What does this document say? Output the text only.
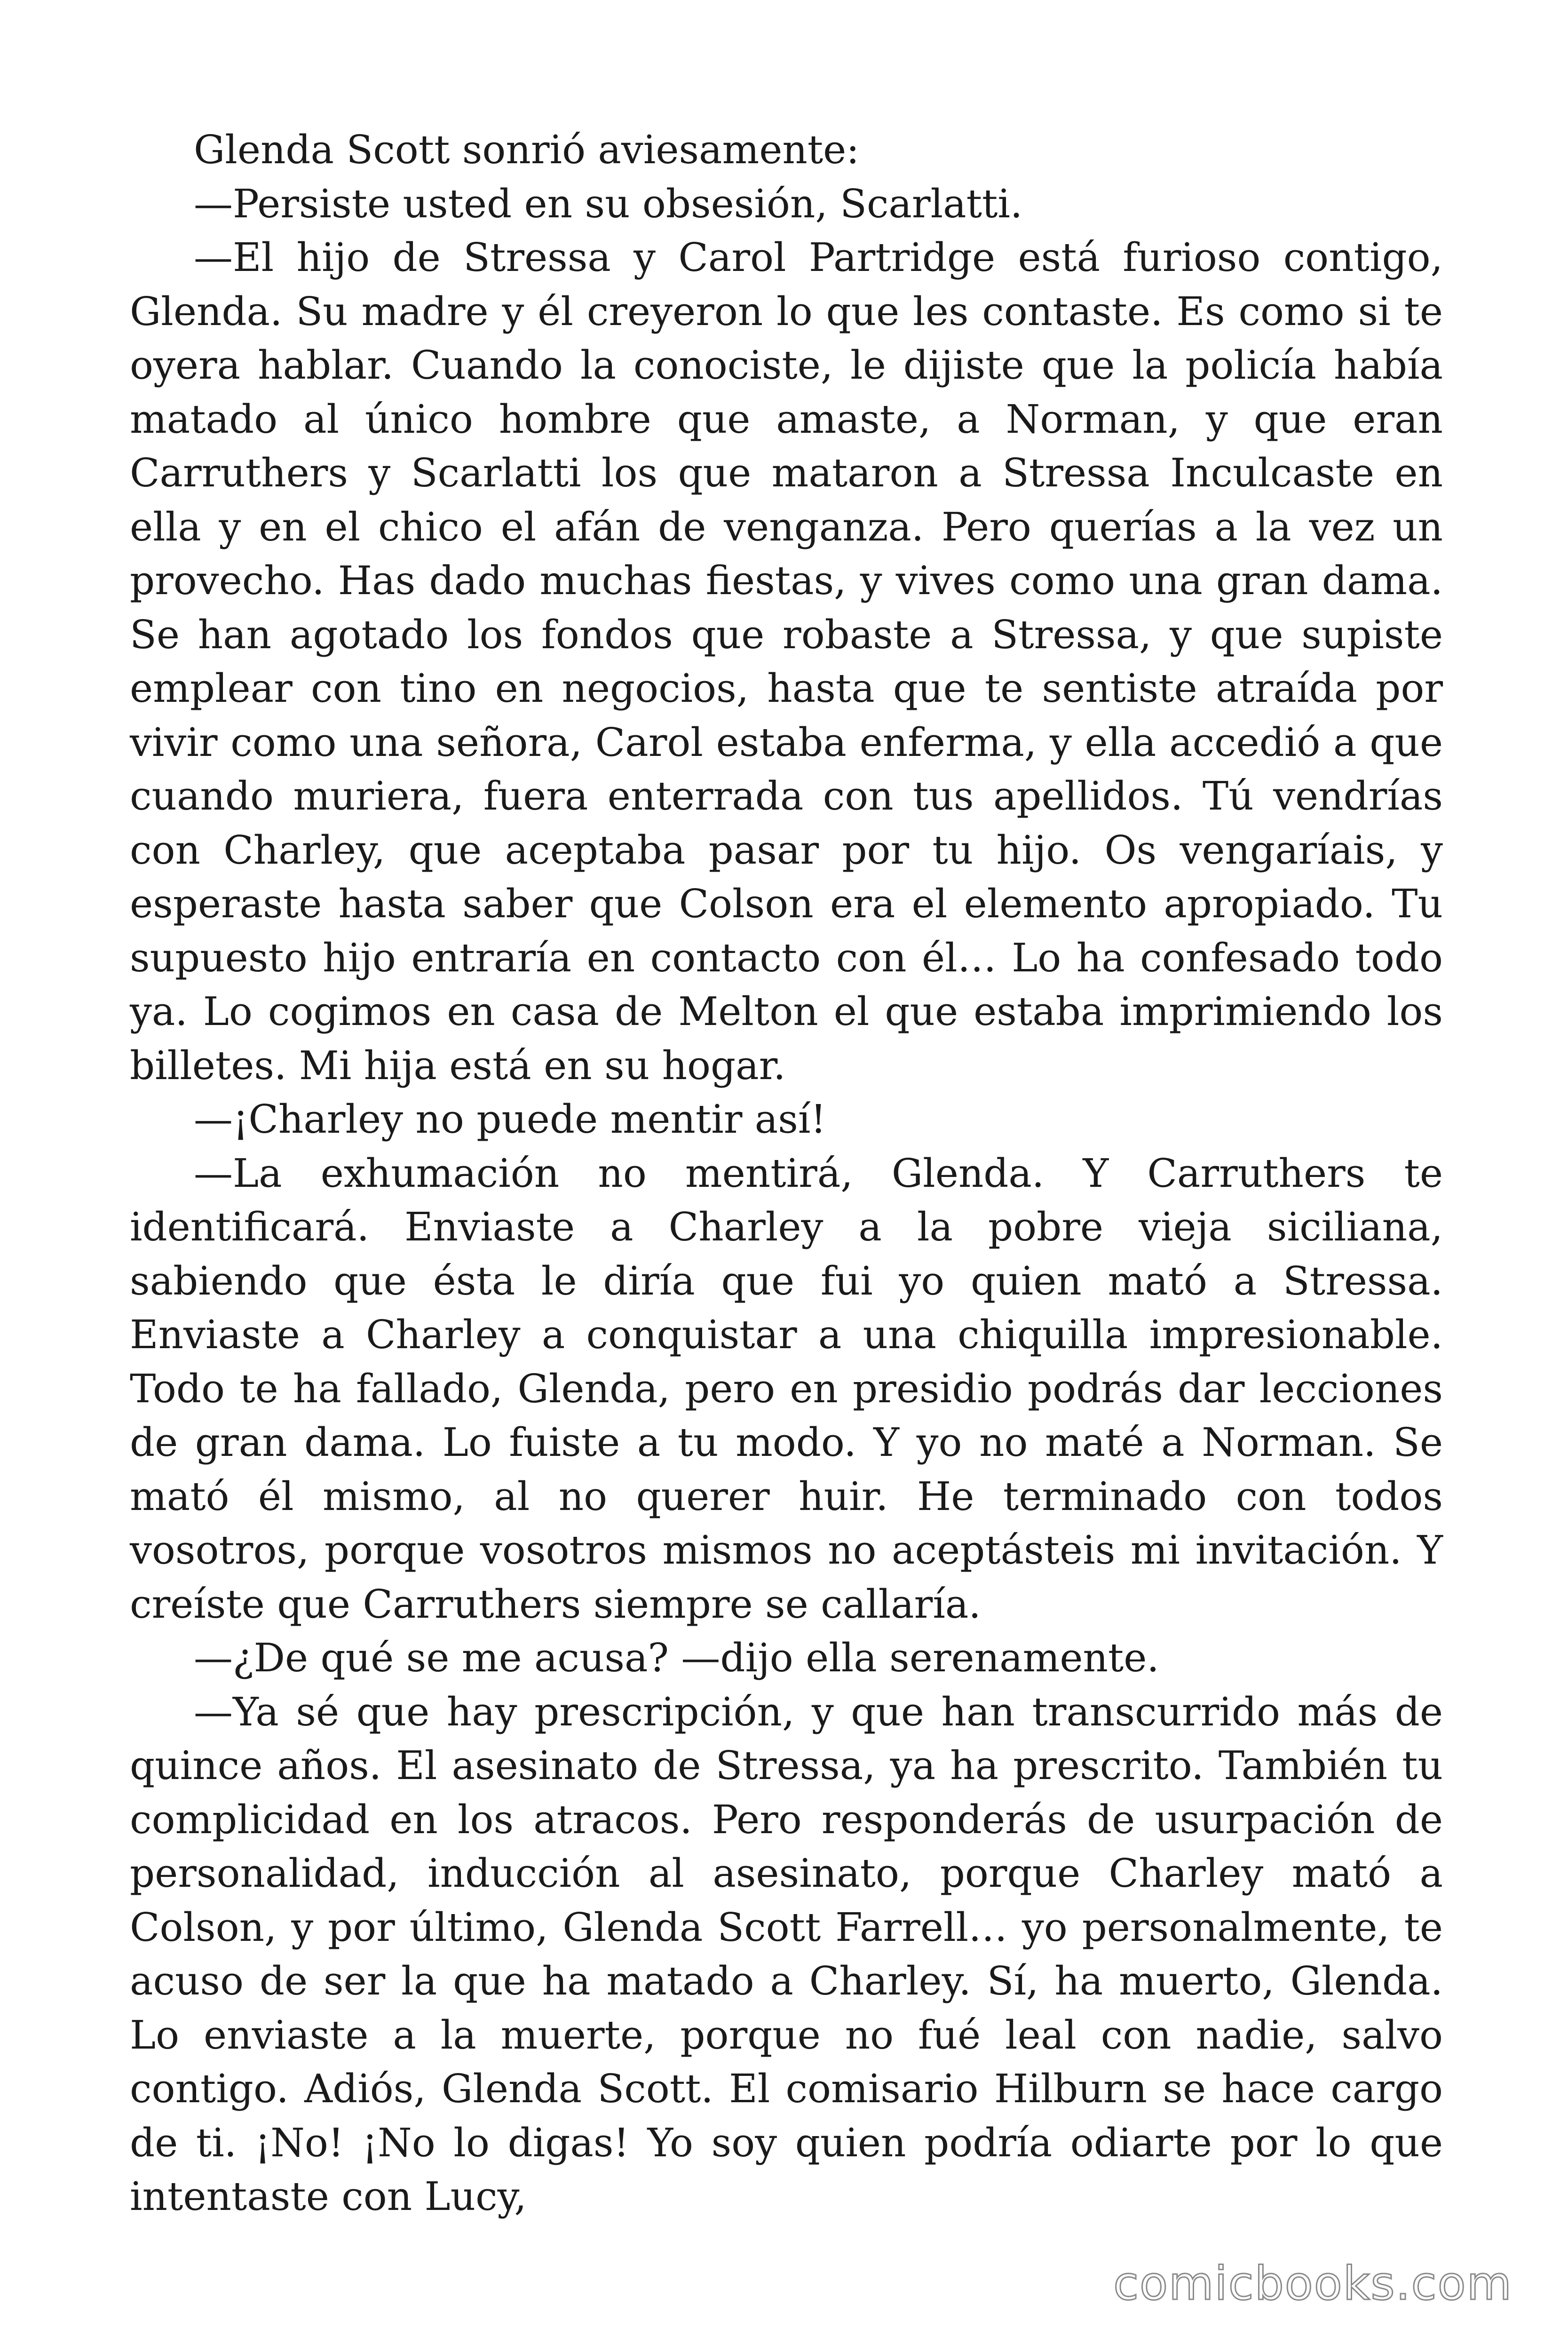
Glenda Scott sonrió aviesamente:

—Persiste usted en su obsesión, Scarlatti.

—El hijo de Stressa y Carol Partridge está furioso contigo, Glenda. Su madre y él creyeron lo que les contaste. Es como si te oyera hablar. Cuando la conociste, le dijiste que la policía había matado al único hombre que amaste, a Norman, y que eran Carruthers y Scarlatti los que mataron a Stressa Inculcaste en ella y en el chico el afán de venganza. Pero querías a la vez un provecho. Has dado muchas fiestas, y vives como una gran dama. Se han agotado los fondos que robaste a Stressa, y que supiste emplear con tino en negocios, hasta que te sentiste atraída por vivir como una señora, Carol estaba enferma, y ella accedió a que cuando muriera, fuera enterrada con tus apellidos. Tú vendrías con Charley, que aceptaba pasar por tu hijo. Os vengaríais, y esperaste hasta saber que Colson era el elemento apropiado. Tu supuesto hijo entraría en contacto con él… Lo ha confesado todo ya. Lo cogimos en casa de Melton el que estaba imprimiendo los billetes. Mi hija está en su hogar.

—¡Charley no puede mentir así!

—La exhumación no mentirá, Glenda. Y Carruthers te identificará. Enviaste a Charley a la pobre vieja siciliana, sabiendo que ésta le diría que fui yo quien mató a Stressa. Enviaste a Charley a conquistar a una chiquilla impresionable. Todo te ha fallado, Glenda, pero en presidio podrás dar lecciones de gran dama. Lo fuiste a tu modo. Y yo no maté a Norman. Se mató él mismo, al no querer huir. He terminado con todos vosotros, porque vosotros mismos no aceptásteis mi invitación. Y creíste que Carruthers siempre se callaría.

—¿De qué se me acusa? —dijo ella serenamente.

—Ya sé que hay prescripción, y que han transcurrido más de quince años. El asesinato de Stressa, ya ha prescrito. También tu complicidad en los atracos. Pero responderás de usurpación de personalidad, inducción al asesinato, porque Charley mató a Colson, y por último, Glenda Scott Farrell… yo personalmente, te acuso de ser la que ha matado a Charley. Sí, ha muerto, Glenda. Lo enviaste a la muerte, porque no fué leal con nadie, salvo contigo. Adiós, Glenda Scott. El comisario Hilburn se hace cargo de ti. ¡No! ¡No lo digas! Yo soy quien podría odiarte por lo que intentaste con Lucy,

comicbooks.com
